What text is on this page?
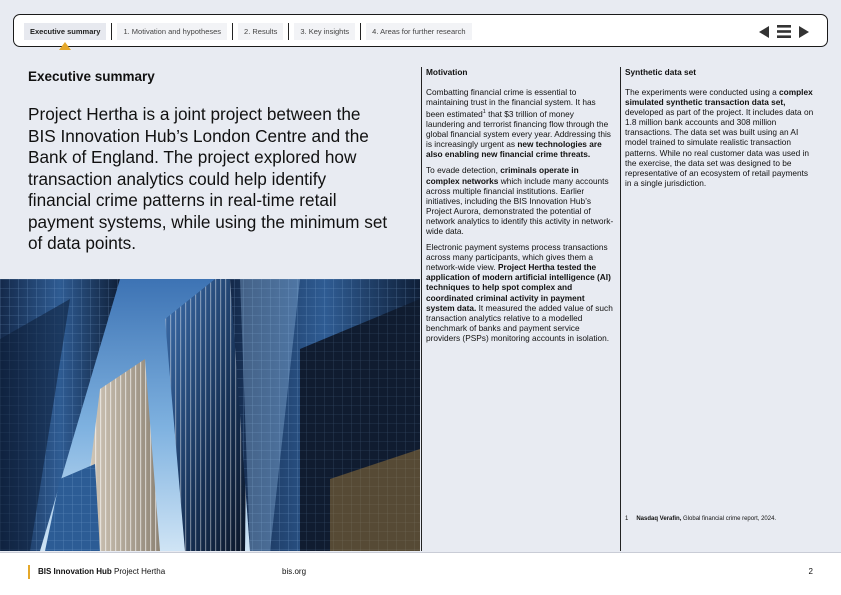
Executive summary	1. Motivation and hypotheses	2. Results	3. Key insights	4. Areas for further research
Executive summary

Project Hertha is a joint project between the BIS Innovation Hub’s London Centre and the Bank of England. The project explored how transaction analytics could help identify financial crime patterns in real-time retail payment systems, while using the minimum set of data points.

Motivation

Combatting financial crime is essential to maintaining trust in the financial system. It has been estimated$^1$ that $3 trillion of money laundering and terrorist financing flow through the global financial system every year. Addressing this is increasingly urgent as new technologies are also enabling new financial crime threats.

To evade detection, criminals operate in complex networks which include many accounts across multiple financial institutions. Earlier initiatives, including the BIS Innovation Hub’s Project Aurora, demonstrated the potential of network analytics to identify this activity in network-wide data.

Electronic payment systems process transactions across many participants, which gives them a network-wide view. Project Hertha tested the application of modern artificial intelligence (AI) techniques to help spot complex and coordinated criminal activity in payment system data. It measured the added value of such transaction analytics relative to a modelled benchmark of banks and payment service providers (PSPs) monitoring accounts in isolation.

Synthetic data set

The experiments were conducted using a complex simulated synthetic transaction data set, developed as part of the project. It includes data on 1.8 million bank accounts and 308 million transactions. The data set was built using an AI model trained to simulate realistic transaction patterns. While no real customer data was used in the exercise, the data set was designed to be representative of an ecosystem of retail payments in a single jurisdiction.

1 Nasdaq Verafin, Global financial crime report, 2024.
BIS Innovation Hub Project Hertha	bis.org	2
